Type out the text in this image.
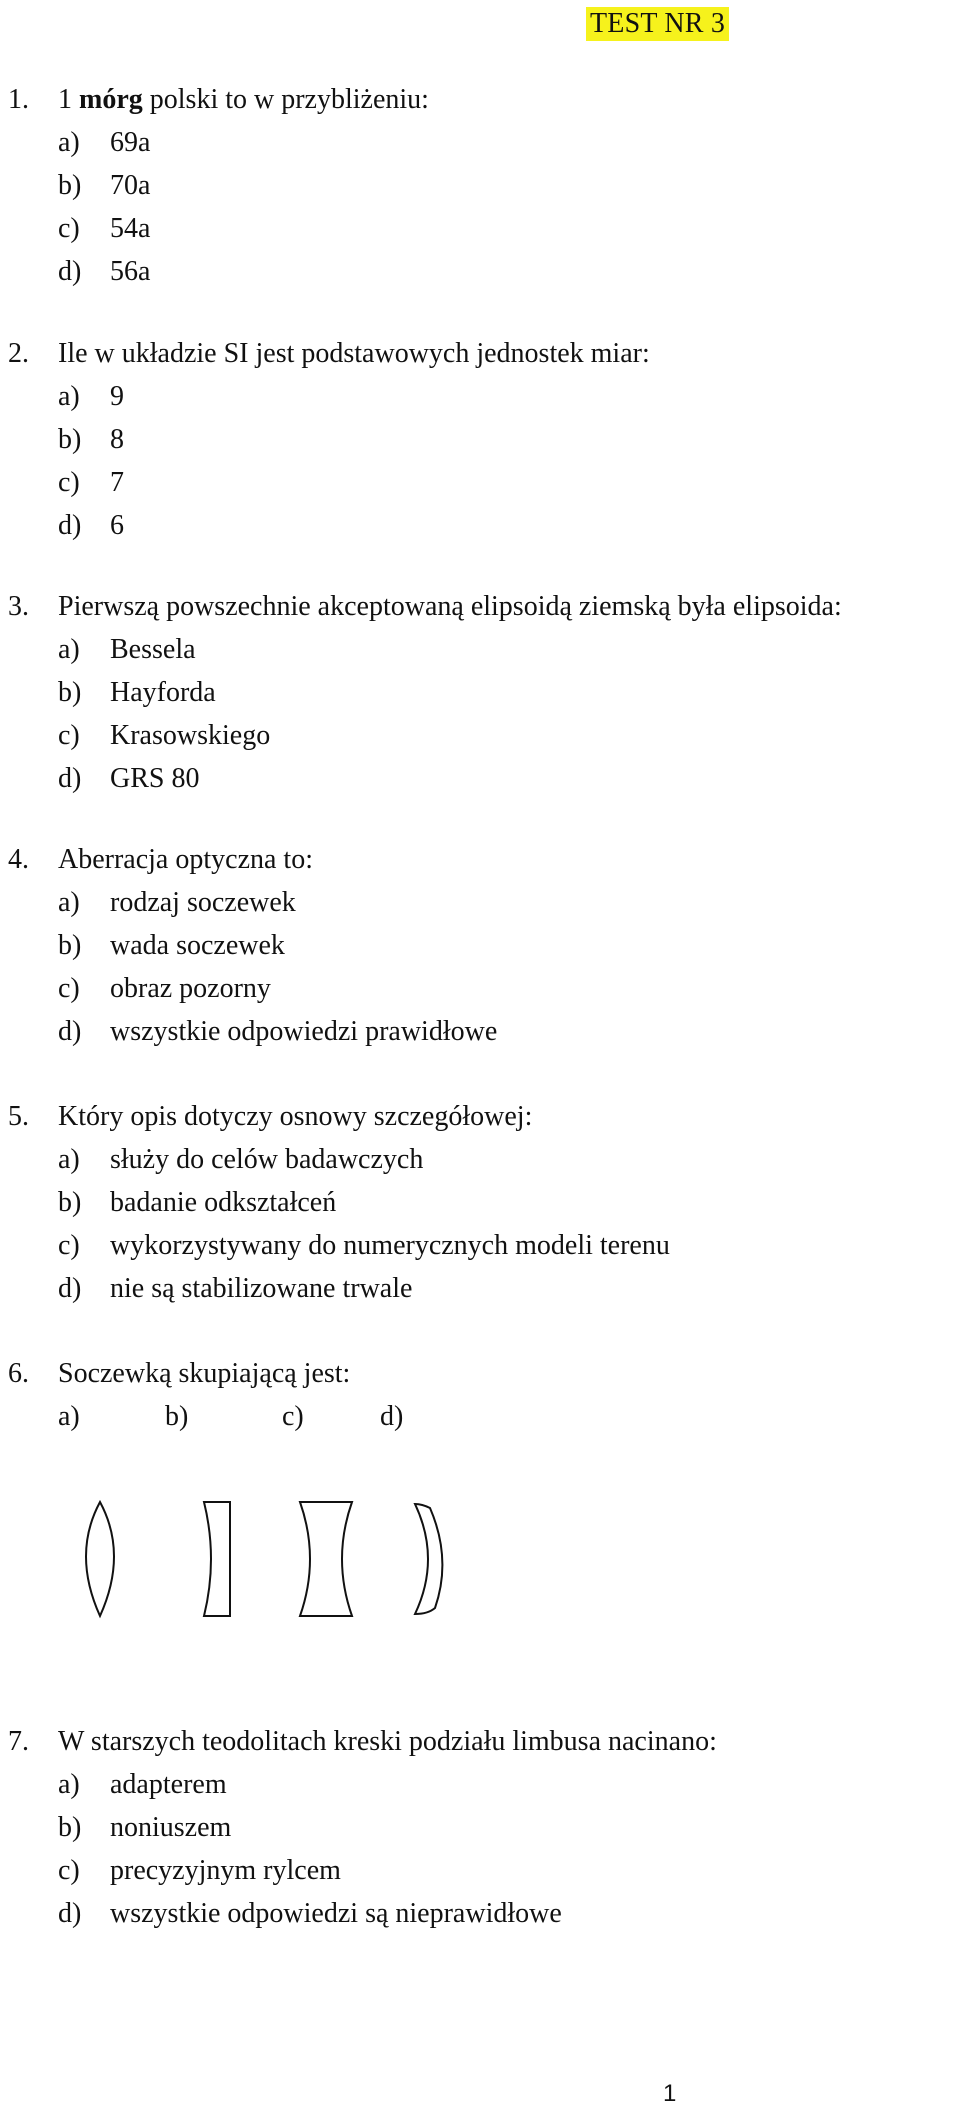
TEST NR 3
1. 1 mórg polski to w przybliżeniu:
a) 69a
b) 70a
c) 54a
d) 56a
2. Ile w układzie SI jest podstawowych jednostek miar:
a) 9
b) 8
c) 7
d) 6
3. Pierwszą powszechnie akceptowaną elipsoidą ziemską była elipsoida:
a) Bessela
b) Hayforda
c) Krasowskiego
d) GRS 80
4. Aberracja optyczna to:
a) rodzaj soczewek
b) wada soczewek
c) obraz pozorny
d) wszystkie odpowiedzi prawidłowe
5. Który opis dotyczy osnowy szczegółowej:
a) służy do celów badawczych
b) badanie odkształceń
c) wykorzystywany do numerycznych modeli terenu
d) nie są stabilizowane trwale
6. Soczewką skupiającą jest:
a)	b)	c)	d)
7. W starszych teodolitach kreski podziału limbusa nacinano:
a) adapterem
b) noniuszem
c) precyzyjnym rylcem
d) wszystkie odpowiedzi są nieprawidłowe
1
